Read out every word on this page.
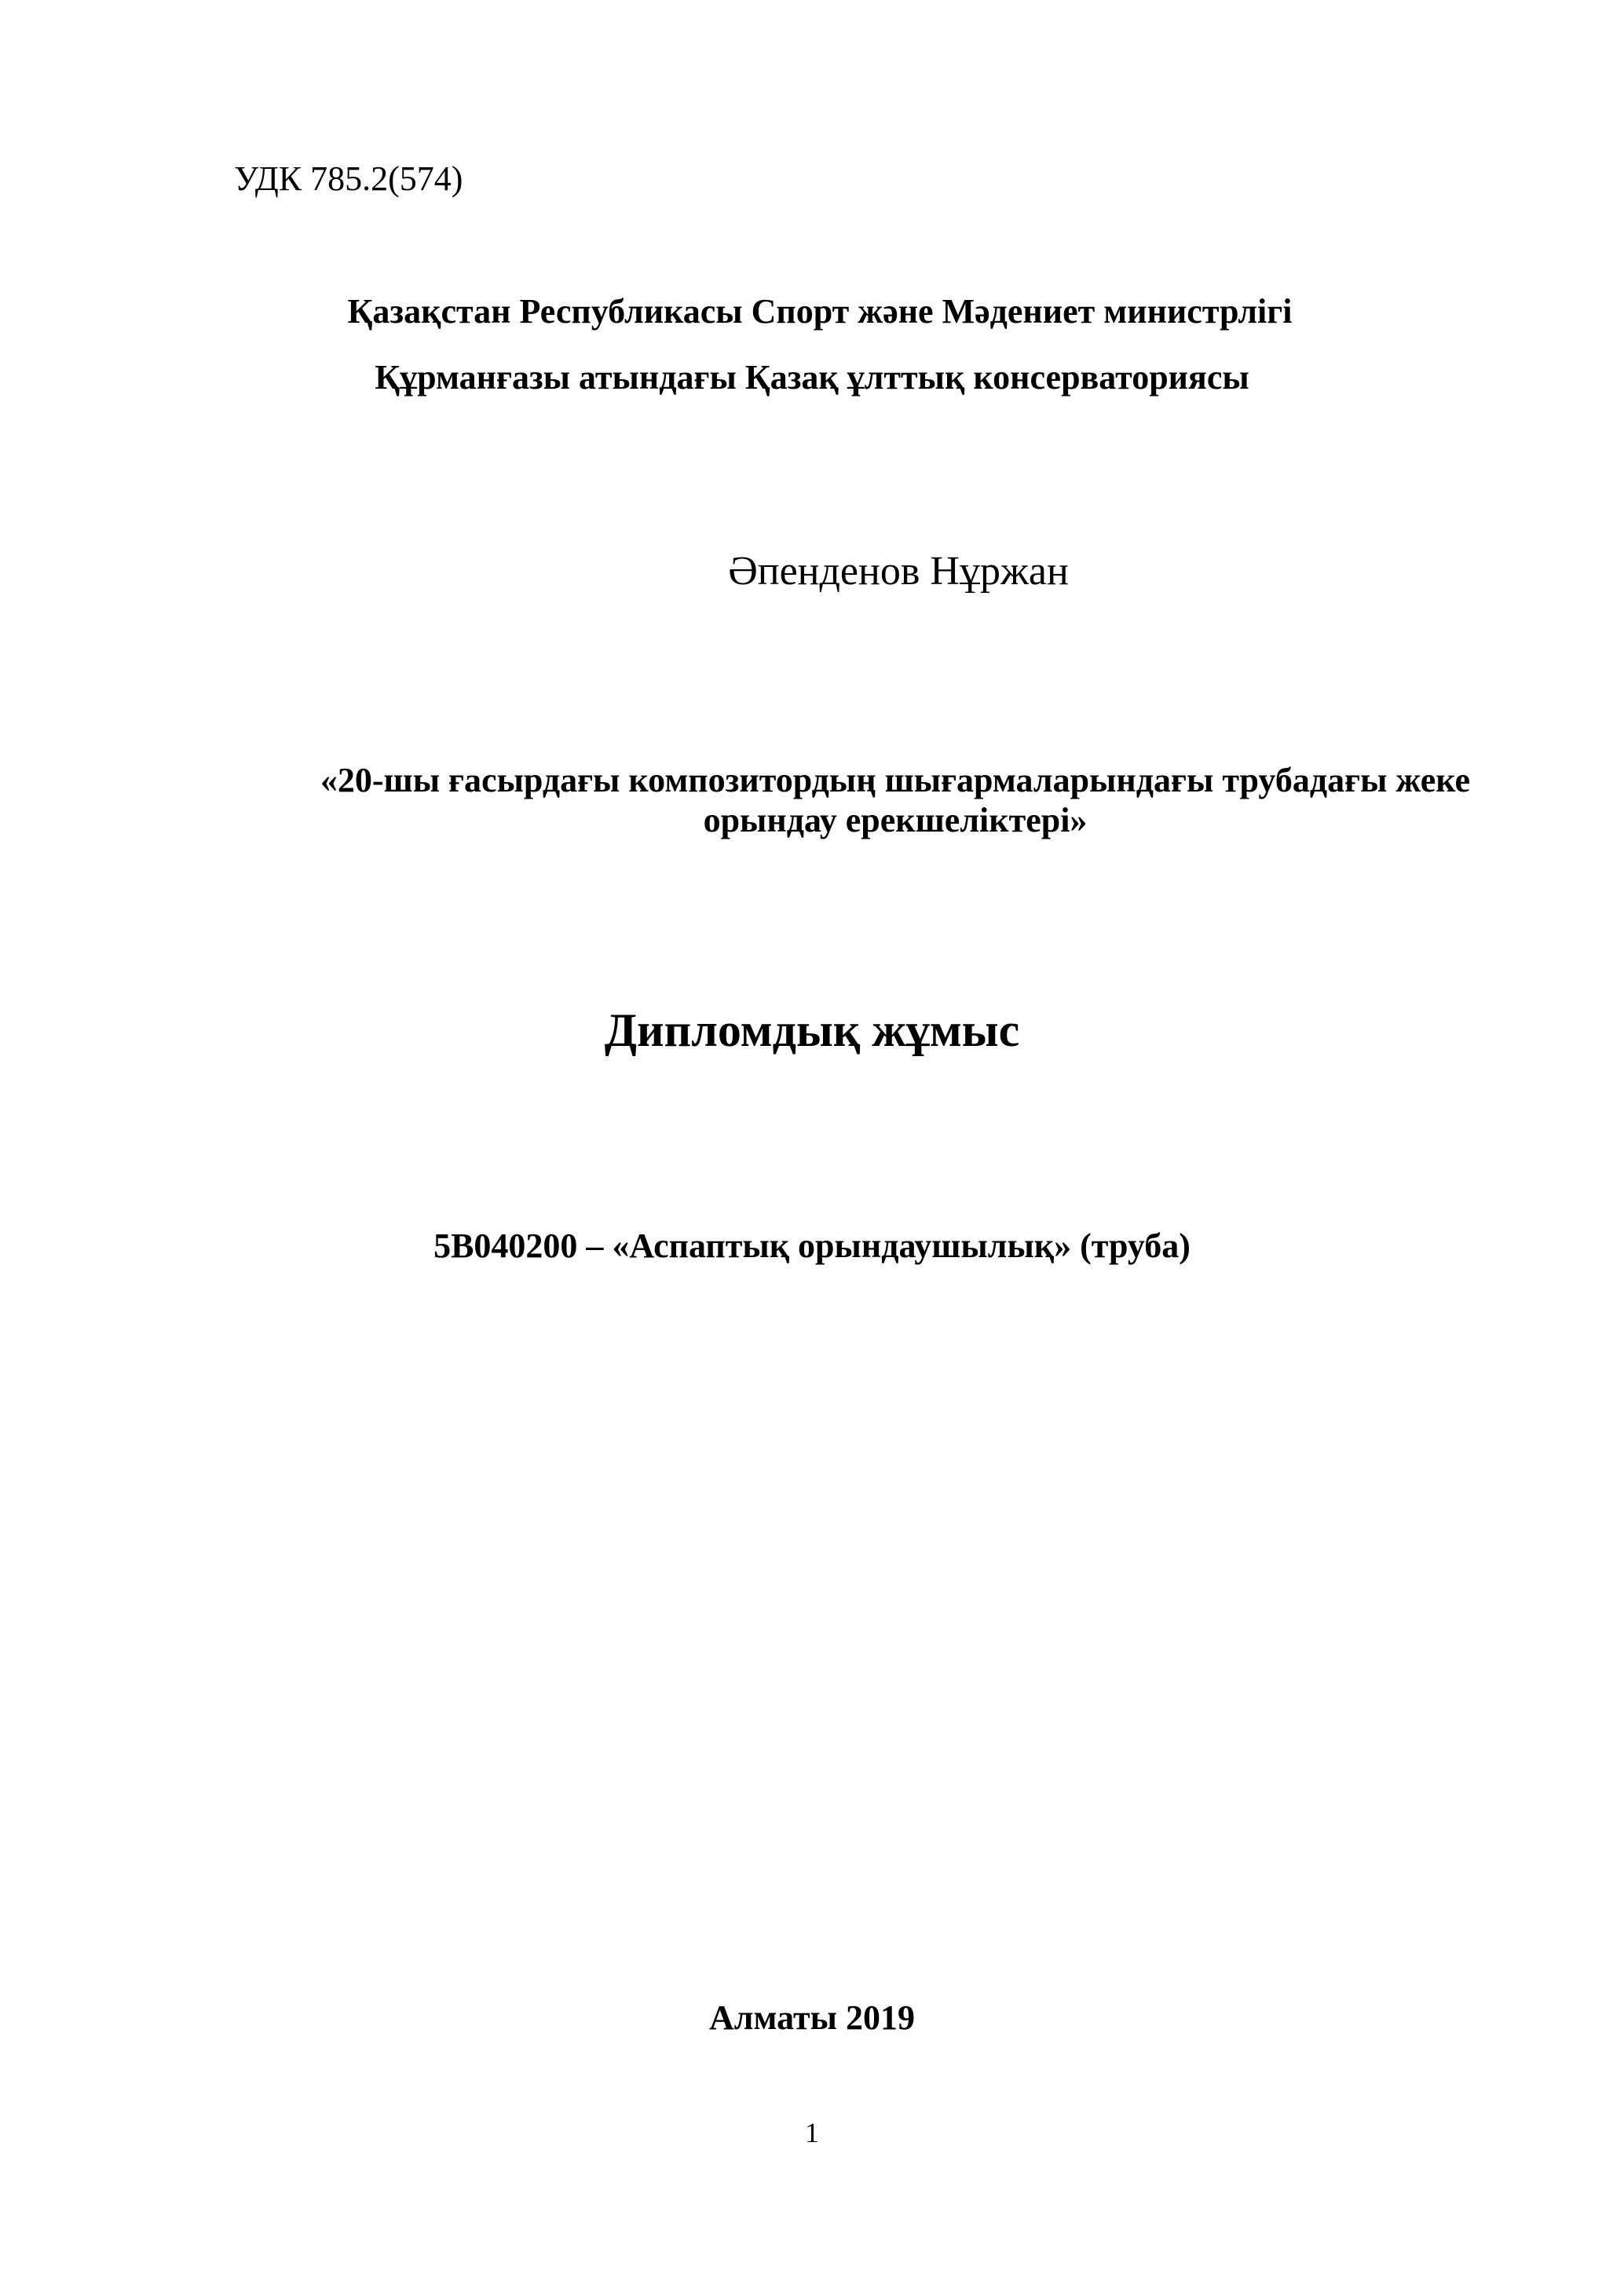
УДК 785.2(574)
Қазақстан Республикасы Спорт және Мәдениет министрлігі
Құрманғазы атындағы Қазақ ұлттық консерваториясы
Әпенденов Нұржан
«20-шы ғасырдағы композитордың шығармаларындағы трубадағы жеке
орындау ерекшеліктері»
Дипломдық жұмыс
5В040200 – «Аспаптық орындаушылық» (труба)
Алматы 2019
1
